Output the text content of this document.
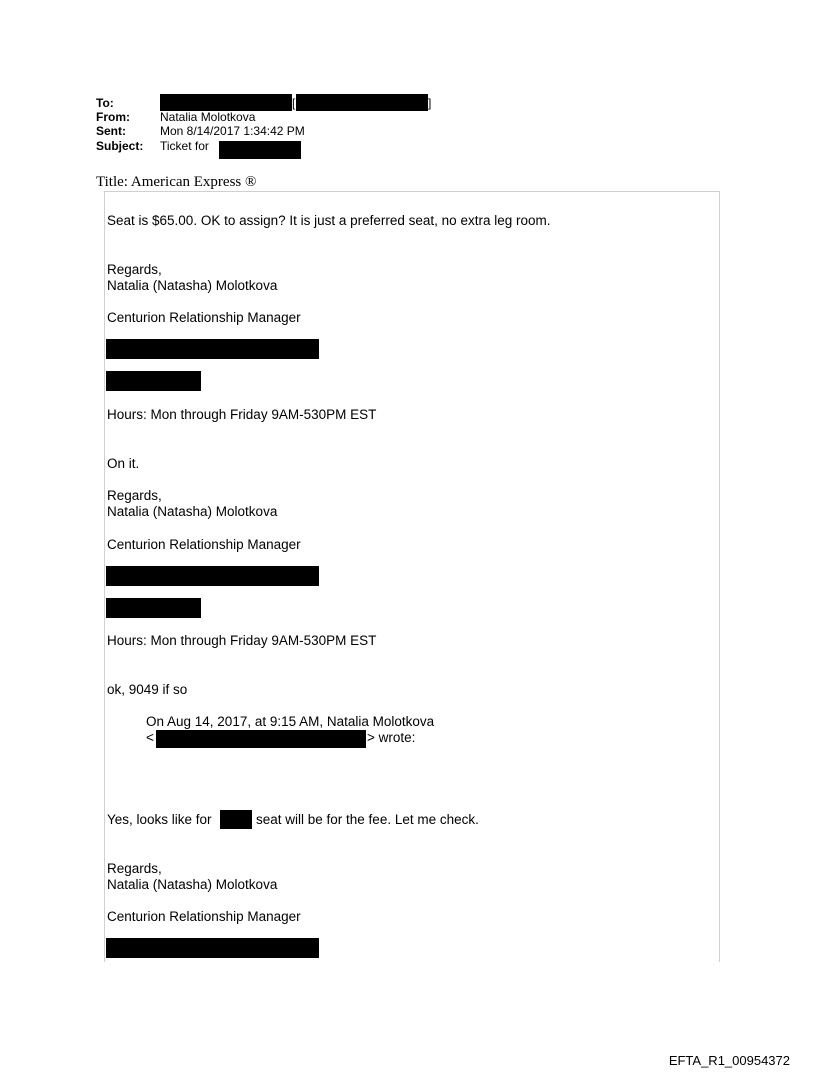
To:	[	]
From:	Natalia Molotkova
Sent:	Mon 8/14/2017 1:34:42 PM
Subject: Ticket for
Title: American Express ®
Seat is $65.00. OK to assign? It is just a preferred seat, no extra leg room.
Regards,
Natalia (Natasha) Molotkova
Centurion Relationship Manager
Hours: Mon through Friday 9AM-530PM EST
On it.
Regards,
Natalia (Natasha) Molotkova
Centurion Relationship Manager
Hours: Mon through Friday 9AM-530PM EST
ok, 9049 if so
On Aug 14, 2017, at 9:15 AM, Natalia Molotkova
<	> wrote:
Yes, looks like for	seat will be for the fee. Let me check.
Regards,
Natalia (Natasha) Molotkova
Centurion Relationship Manager
EFTA_R1_00954372
